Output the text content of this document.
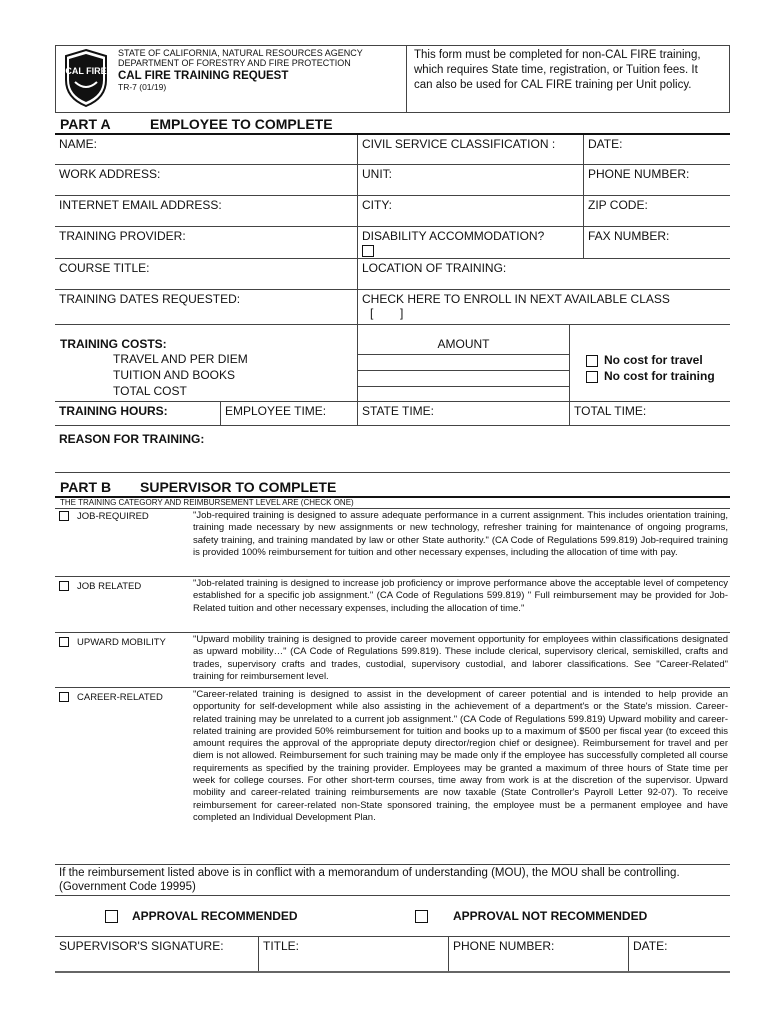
CAL FIRE
STATE OF CALIFORNIA, NATURAL RESOURCES AGENCY
DEPARTMENT OF FORESTRY AND FIRE PROTECTION
CAL FIRE TRAINING REQUEST
TR-7 (01/19)
This form must be completed for non-CAL FIRE training, which requires State time, registration, or Tuition fees. It can also be used for CAL FIRE training per Unit policy.
PART A	EMPLOYEE TO COMPLETE
NAME:	CIVIL SERVICE CLASSIFICATION :	DATE:
WORK ADDRESS:	UNIT:	PHONE NUMBER:
INTERNET EMAIL ADDRESS:	CITY:	ZIP CODE:
TRAINING PROVIDER:	DISABILITY ACCOMMODATION?	FAX NUMBER:
COURSE TITLE:	LOCATION OF TRAINING:
TRAINING DATES REQUESTED:	CHECK HERE TO ENROLL IN NEXT AVAILABLE CLASS
[        ]
TRAINING COSTS:
TRAVEL AND PER DIEM
TUITION AND BOOKS
TOTAL COST
AMOUNT
No cost for travel
No cost for training
TRAINING HOURS:	EMPLOYEE TIME:	STATE TIME:	TOTAL TIME:
REASON FOR TRAINING:
PART B SUPERVISOR TO COMPLETE
THE TRAINING CATEGORY AND REIMBURSEMENT LEVEL ARE (CHECK ONE)
JOB-REQUIRED	"Job-required training is designed to assure adequate performance in a current assignment. This includes orientation training, training made necessary by new assignments or new technology, refresher training for maintenance of ongoing programs, safety training, and training mandated by law or other State authority." (CA Code of Regulations 599.819) Job-required training is provided 100% reimbursement for tuition and other necessary expenses, including the allocation of time with pay.
JOB RELATED	"Job-related training is designed to increase job proficiency or improve performance above the acceptable level of competency established for a specific job assignment." (CA Code of Regulations 599.819) " Full reimbursement may be provided for Job-Related tuition and other necessary expenses, including the allocation of time."
UPWARD MOBILITY	"Upward mobility training is designed to provide career movement opportunity for employees within classifications designated as upward mobility…" (CA Code of Regulations 599.819). These include clerical, supervisory clerical, semiskilled, crafts and trades, supervisory crafts and trades, custodial, supervisory custodial, and laborer classifications. See "Career-Related" training for reimbursement level.
CAREER-RELATED	"Career-related training is designed to assist in the development of career potential and is intended to help provide an opportunity for self-development while also assisting in the achievement of a department's or the State's mission. Career-related training may be unrelated to a current job assignment." (CA Code of Regulations 599.819) Upward mobility and career-related training are provided 50% reimbursement for tuition and books up to a maximum of $500 per fiscal year (to exceed this amount requires the approval of the appropriate deputy director/region chief or designee). Reimbursement for travel and per diem is not allowed. Reimbursement for such training may be made only if the employee has successfully completed all course requirements as specified by the training provider. Employees may be granted a maximum of three hours of State time per week for college courses. For other short-term courses, time away from work is at the discretion of the supervisor. Upward mobility and career-related training reimbursements are now taxable (State Controller's Payroll Letter 92-07). To receive reimbursement for career-related non-State sponsored training, the employee must be a permanent employee and have completed an Individual Development Plan.
If the reimbursement listed above is in conflict with a memorandum of understanding (MOU), the MOU shall be controlling. (Government Code 19995)
APPROVAL RECOMMENDED	APPROVAL NOT RECOMMENDED
SUPERVISOR'S SIGNATURE:	TITLE:	PHONE NUMBER:	DATE:
